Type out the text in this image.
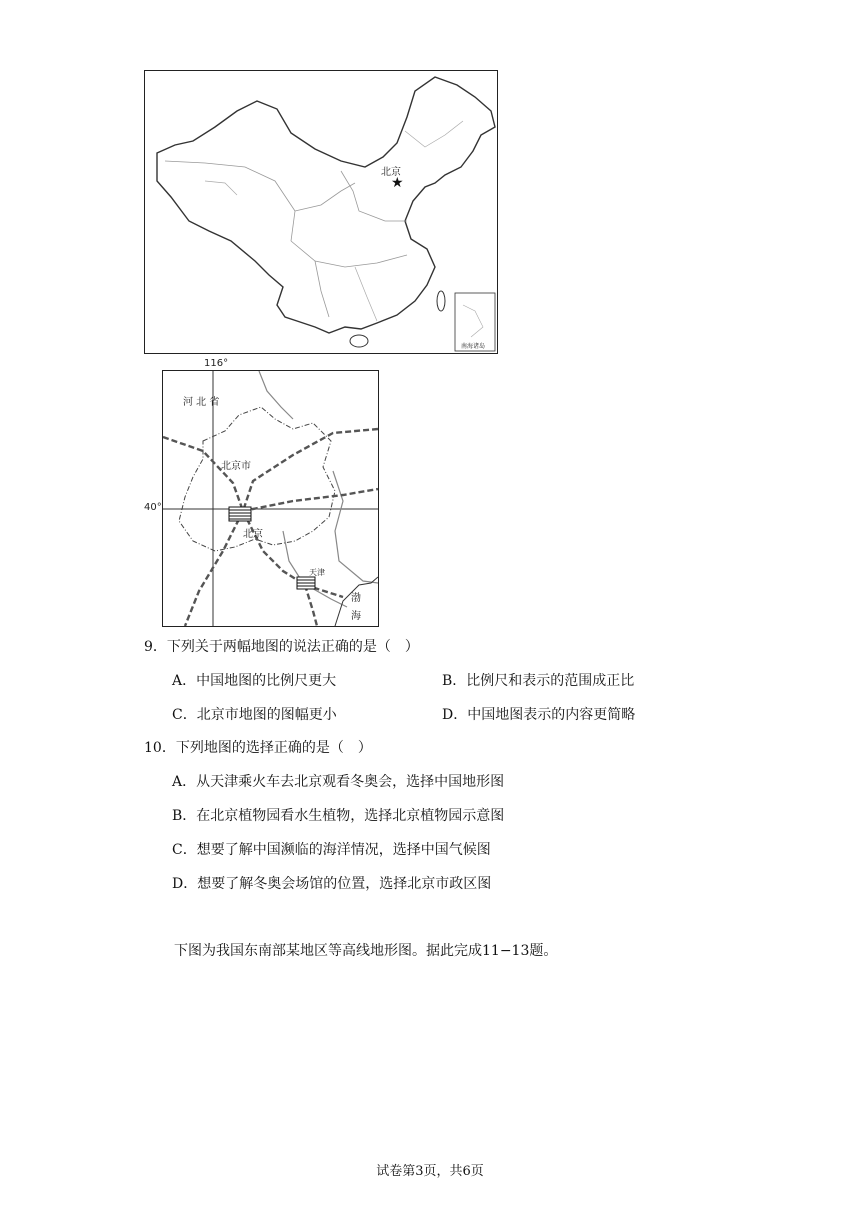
★
北京
南海诸岛
116°
40°
河 北 省
北京市
北京
天津
渤
海
9．下列关于两幅地图的说法正确的是（　）
A．中国地图的比例尺更大	B．比例尺和表示的范围成正比
C．北京市地图的图幅更小	D．中国地图表示的内容更简略
10．下列地图的选择正确的是（　）
A．从天津乘火车去北京观看冬奥会，选择中国地形图
B．在北京植物园看水生植物，选择北京植物园示意图
C．想要了解中国濒临的海洋情况，选择中国气候图
D．想要了解冬奥会场馆的位置，选择北京市政区图
下图为我国东南部某地区等高线地形图。据此完成11−13题。
试卷第3页，共6页
